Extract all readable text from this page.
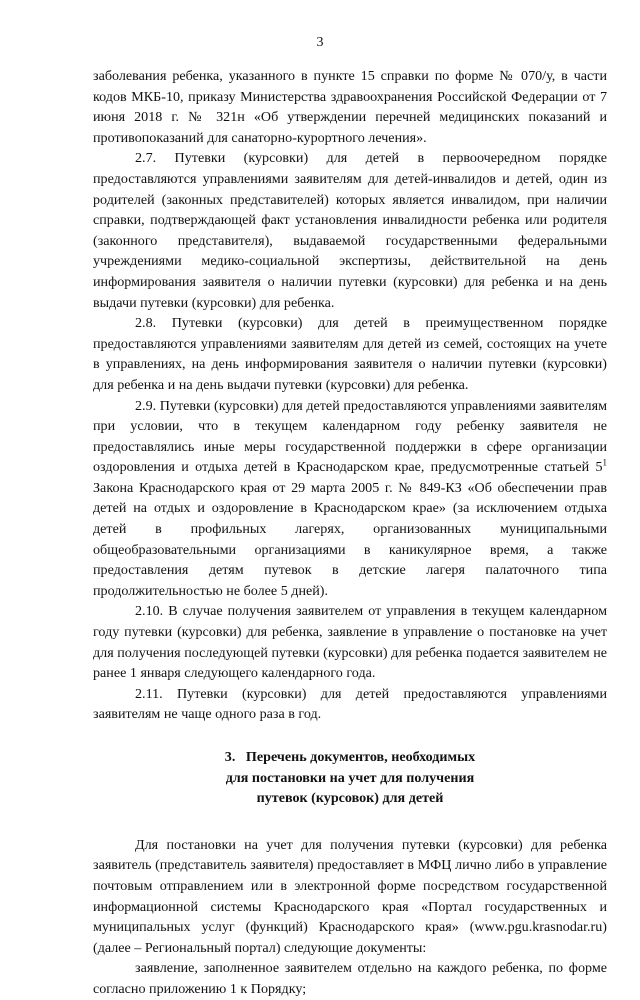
3

заболевания ребенка, указанного в пункте 15 справки по форме № 070/у, в части кодов МКБ-10, приказу Министерства здравоохранения Российской Федерации от 7 июня 2018 г. № 321н «Об утверждении перечней медицинских показаний и противопоказаний для санаторно-курортного лечения».

2.7. Путевки (курсовки) для детей в первоочередном порядке предоставляются управлениями заявителям для детей-инвалидов и детей, один из родителей (законных представителей) которых является инвалидом, при наличии справки, подтверждающей факт установления инвалидности ребенка или родителя (законного представителя), выдаваемой государственными федеральными учреждениями медико-социальной экспертизы, действительной на день информирования заявителя о наличии путевки (курсовки) для ребенка и на день выдачи путевки (курсовки) для ребенка.

2.8. Путевки (курсовки) для детей в преимущественном порядке предоставляются управлениями заявителям для детей из семей, состоящих на учете в управлениях, на день информирования заявителя о наличии путевки (курсовки) для ребенка и на день выдачи путевки (курсовки) для ребенка.

2.9. Путевки (курсовки) для детей предоставляются управлениями заявителям при условии, что в текущем календарном году ребенку заявителя не предоставлялись иные меры государственной поддержки в сфере организации оздоровления и отдыха детей в Краснодарском крае, предусмотренные статьей $5^1$ Закона Краснодарского края от 29 марта 2005 г. № 849-КЗ «Об обеспечении прав детей на отдых и оздоровление в Краснодарском крае» (за исключением отдыха детей в профильных лагерях, организованных муниципальными общеобразовательными организациями в каникулярное время, а также предоставления детям путевок в детские лагеря палаточного типа продолжительностью не более 5 дней).

2.10. В случае получения заявителем от управления в текущем календарном году путевки (курсовки) для ребенка, заявление в управление о постановке на учет для получения последующей путевки (курсовки) для ребенка подается заявителем не ранее 1 января следующего календарного года.

2.11. Путевки (курсовки) для детей предоставляются управлениями заявителям не чаще одного раза в год.

3.   Перечень документов, необходимых
для постановки на учет для получения
путевок (курсовок) для детей

Для постановки на учет для получения путевки (курсовки) для ребенка заявитель (представитель заявителя) предоставляет в МФЦ лично либо в управление почтовым отправлением или в электронной форме посредством государственной информационной системы Краснодарского края «Портал государственных и муниципальных услуг (функций) Краснодарского края» (www.pgu.krasnodar.ru) (далее – Региональный портал) следующие документы:

заявление, заполненное заявителем отдельно на каждого ребенка, по форме согласно приложению 1 к Порядку;
